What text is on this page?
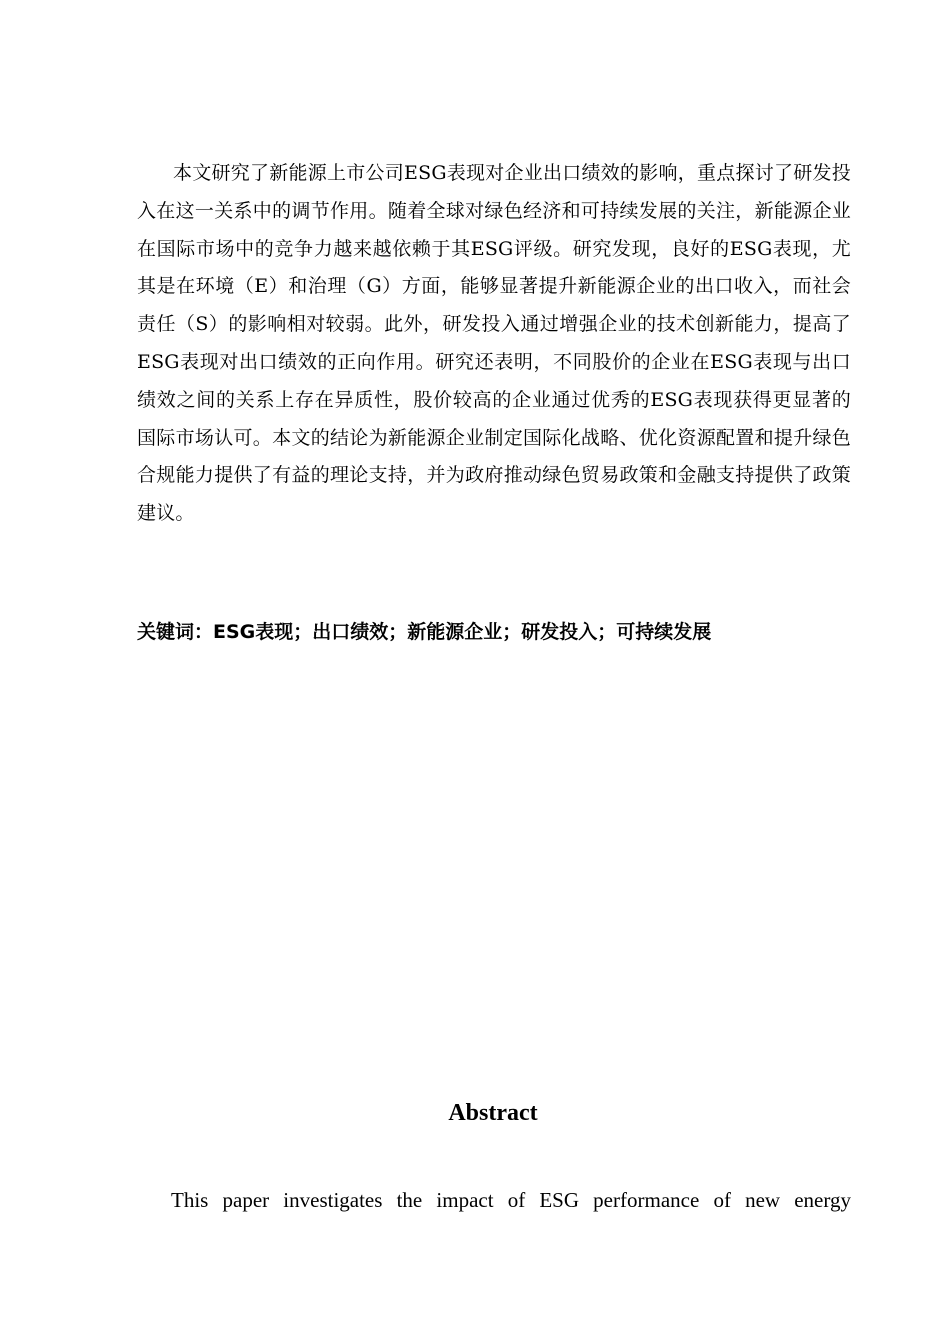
本文研究了新能源上市公司ESG表现对企业出口绩效的影响，重点探讨了研发投入在这一关系中的调节作用。随着全球对绿色经济和可持续发展的关注，新能源企业在国际市场中的竞争力越来越依赖于其ESG评级。研究发现，良好的ESG表现，尤其是在环境（E）和治理（G）方面，能够显著提升新能源企业的出口收入，而社会责任（S）的影响相对较弱。此外，研发投入通过增强企业的技术创新能力，提高了ESG表现对出口绩效的正向作用。研究还表明，不同股价的企业在ESG表现与出口绩效之间的关系上存在异质性，股价较高的企业通过优秀的ESG表现获得更显著的国际市场认可。本文的结论为新能源企业制定国际化战略、优化资源配置和提升绿色合规能力提供了有益的理论支持，并为政府推动绿色贸易政策和金融支持提供了政策建议。

关键词：ESG表现；出口绩效；新能源企业；研发投入；可持续发展

Abstract

This paper investigates the impact of ESG performance of new energy
